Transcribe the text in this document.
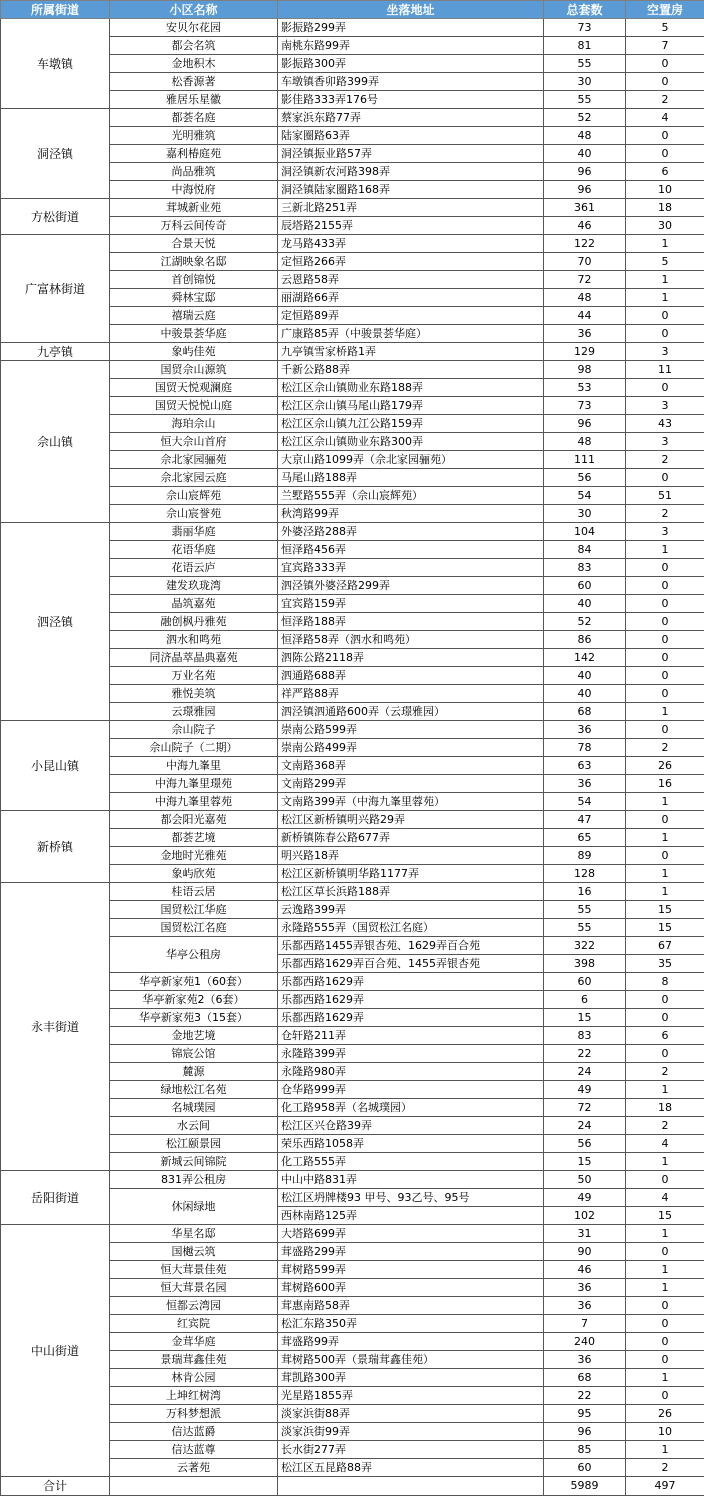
所属街道	小区名称	坐落地址	总套数	空置房
车墩镇	安贝尔花园	影振路299弄	73	5
	都会名筑	南桃东路99弄	81	7
	金地积木	影振路300弄	55	0
	松香源著	车墩镇香卯路399弄	30	0
	雅居乐星徽	影佳路333弄176号	55	2
洞泾镇	都荟名庭	蔡家浜东路77弄	52	4
	光明雅筑	陆家圈路63弄	48	0
	嘉利椿庭苑	洞泾镇振业路57弄	40	0
	尚品雅筑	洞泾镇新农河路398弄	96	6
	中海悦府	洞泾镇陆家圈路168弄	96	10
方松街道	茸城新业苑	三新北路251弄	361	18
	万科云间传奇	辰塔路2155弄	46	30
广富林街道	合景天悦	龙马路433弄	122	1
	江湖映象名邸	定恒路266弄	70	5
	首创锦悦	云恩路58弄	72	1
	舜林宝邸	丽湖路66弄	48	1
	禧瑞云庭	定恒路89弄	44	0
	中骏景荟华庭	广康路85弄（中骏景荟华庭）	36	0
九亭镇	象屿佳苑	九亭镇雪家桥路1弄	129	3
佘山镇	国贸佘山源筑	千新公路88弄	98	11
	国贸天悦观澜庭	松江区佘山镇勋业东路188弄	53	0
	国贸天悦悦山庭	松江区佘山镇马尾山路179弄	73	3
	海珀佘山	松江区佘山镇九江公路159弄	96	43
	恒大佘山首府	松江区佘山镇勋业东路300弄	48	3
	佘北家园骊苑	大京山路1099弄（佘北家园骊苑）	111	2
	佘北家园云庭	马尾山路188弄	56	0
	佘山宸辉苑	兰墅路555弄（佘山宸辉苑）	54	51
	佘山宸誉苑	秋湾路99弄	30	2
泗泾镇	翡丽华庭	外婆泾路288弄	104	3
	花语华庭	恒泽路456弄	84	1
	花语云庐	宜宾路333弄	83	0
	建发玖珑湾	泗泾镇外婆泾路299弄	60	0
	晶筑嘉苑	宜宾路159弄	40	0
	融创枫丹雅苑	恒泽路188弄	52	0
	泗水和鸣苑	恒泽路58弄（泗水和鸣苑）	86	0
	同济晶萃晶典嘉苑	泗陈公路2118弄	142	0
	万业名苑	泗通路688弄	40	0
	雅悦美筑	祥严路88弄	40	0
	云璟雅园	泗泾镇泗通路600弄（云璟雅园）	68	1
小昆山镇	佘山院子	崇南公路599弄	36	0
	佘山院子（二期）	崇南公路499弄	78	2
	中海九峯里	文南路368弄	63	26
	中海九峯里璟苑	文南路299弄	36	16
	中海九峯里蓉苑	文南路399弄（中海九峯里蓉苑）	54	1
新桥镇	都会阳光嘉苑	松江区新桥镇明兴路29弄	47	0
	都荟艺境	新桥镇陈春公路677弄	65	1
	金地时光雅苑	明兴路18弄	89	0
	象屿欣苑	松江区新桥镇明华路1177弄	128	1
永丰街道	桂语云居	松江区草长浜路188弄	16	1
	国贸松江华庭	云逸路399弄	55	15
	国贸松江名庭	永隆路555弄（国贸松江名庭）	55	15
	华亭公租房	乐都西路1455弄银杏苑、1629弄百合苑	322	67
		乐都西路1629弄百合苑、1455弄银杏苑	398	35
	华亭新家苑1（60套）	乐都西路1629弄	60	8
	华亭新家苑2（6套）	乐都西路1629弄	6	0
	华亭新家苑3（15套）	乐都西路1629弄	15	0
	金地艺境	仓轩路211弄	83	6
	锦宸公馆	永隆路399弄	22	0
	麓源	永隆路980弄	24	2
	绿地松江名苑	仓华路999弄	49	1
	名城璞园	化工路958弄（名城璞园）	72	18
	水云间	松江区兴仓路39弄	24	2
	松江颐景园	荣乐西路1058弄	56	4
	新城云间锦院	化工路555弄	15	1
岳阳街道	831弄公租房	中山中路831弄	50	0
	休闲绿地	松江区坍牌楼93 甲号、93乙号、95号	49	4
		西林南路125弄	102	15
中山街道	华星名邸	大塔路699弄	31	1
	国樾云筑	茸盛路299弄	90	0
	恒大茸景佳苑	茸树路599弄	46	1
	恒大茸景名园	茸树路600弄	36	1
	恒都云湾园	茸惠南路58弄	36	0
	红宾院	松汇东路350弄	7	0
	金茸华庭	茸盛路99弄	240	0
	景瑞茸鑫佳苑	茸树路500弄（景瑞茸鑫佳苑）	36	0
	林肯公园	茸凯路300弄	68	1
	上坤红树湾	光星路1855弄	22	0
	万科梦想派	淡家浜街88弄	95	26
	信达蓝爵	淡家浜街99弄	96	10
	信达蓝尊	长水街277弄	85	1
	云著苑	松江区五昆路88弄	60	2
合计			5989	497
